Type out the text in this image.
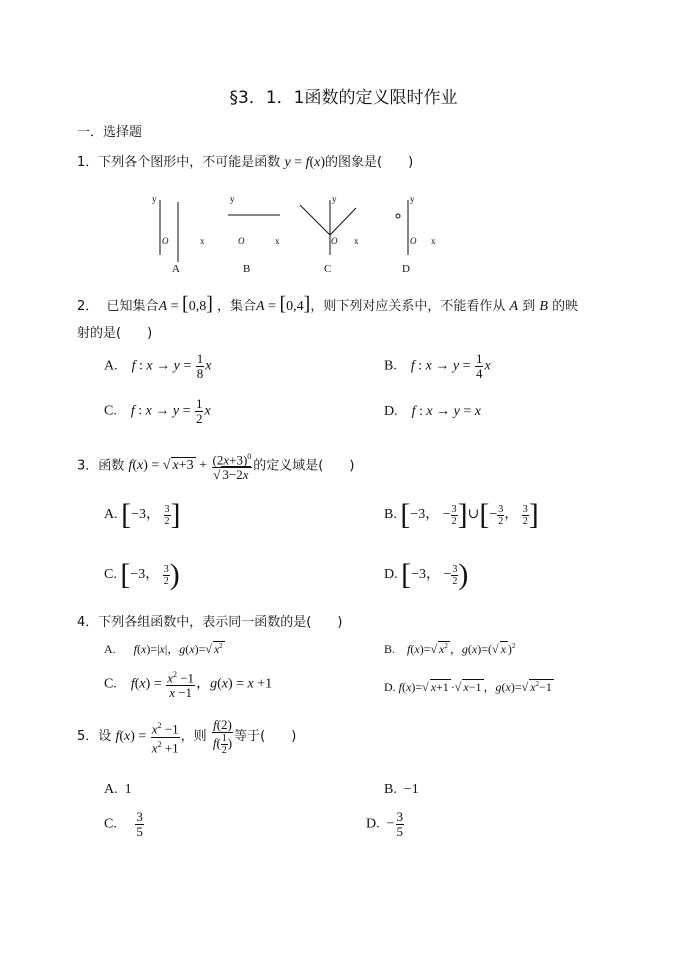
§3．1．1函数的定义限时作业
一．选择题
1．下列各个图形中，不可能是函数 y = f(x)的图象是(　　)
y
O	x
y
O	x
y
O x
y
O x
A	B	C	D
2． 已知集合A = [0,8] ，集合A = [0,4]，则下列对应关系中，不能看作从 A 到 B 的映
射的是(　　)
A. f : $x \to y = \frac{1}{8}$ x	B. f : $x \to y = \frac{1}{4}$ x
C. f : $x \to y = \frac{1}{2}$ x	D. f : x → y = x
3．函数 f(x) = √ $x+3 + \frac{(2x+3)^0}{√ 3-2x}$ 的定义域是(　　)
A. [−3， $\frac{3}{2}$ ]	B. [−3， − $\frac{3}{2}$ ]∪[− $\frac{3}{2}$ ， $\frac{3}{2}$ ]
C. [−3， $\frac{3}{2}$ )	D. [−3， − $\frac{3}{2}$ )
4．下列各组函数中，表示同一函数的是(　　)
A. f(x)=|x|，g(x)=√ $x^2$	B. f(x)=√ $x^2$ ，g(x)=(√ x )$^2$
C. $f(x) = \frac{x^2 -1}{x -1}$ ，g(x) = x +1	D. f(x)=√ x+1 ·√ x−1 ，g(x)=√ $x^2-1$
5．设 $f(x) = \frac{x^2 -1}{x^2 +1}$ ，则 $\frac{f(2)}{f( \frac{1}{2} )}$ 等于(　　)
A. 1	B. −1
C. $\frac{3}{5}$	D.  − $\frac{3}{5}$
